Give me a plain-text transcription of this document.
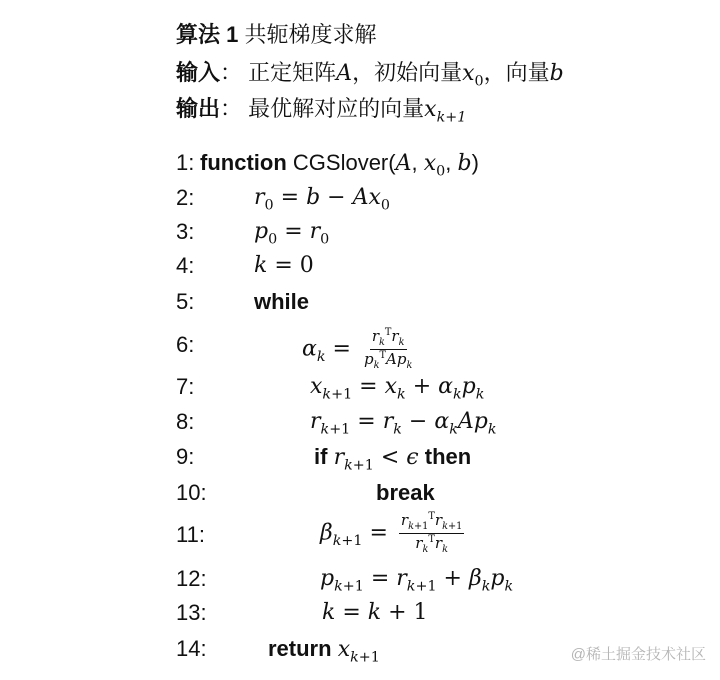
算法 1 共轭梯度求解
输入： 正定矩阵A，初始向量$x_0$，向量b
输出： 最优解对应的向量$x_{k+1}$
1: function CGSlover(A, $x_0$, b)
2:	$r_0 = b - Ax_0$
3:	$p_0 = r_0$
4:	k = 0
5:	while
6:	$\alpha_k = \frac{r_k^Tr_k}{p_k^TAp_k}$
7:	$x_{k+1} = x_k + \alpha_kp_k$
8:	$r_{k+1} = r_k - \alpha_kAp_k$
9:	if $r_{k+1} < \epsilon$ then
10:	break
11:	$\beta_{k+1} = \frac{r_{k+1}^Tr_{k+1}}{r_k^Tr_k}$
12:	$p_{k+1} = r_{k+1} + \beta_kp_k$
13:	k = k + 1
14:	return $x_{k+1}$	@稀土掘金技术社区
